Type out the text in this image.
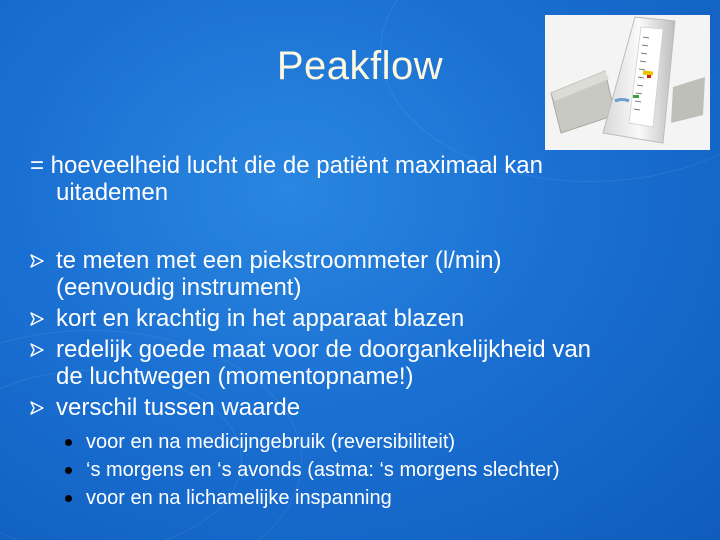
Peakflow
= hoeveelheid lucht die de patiënt maximaal kan
uitademen
te meten met een piekstroommeter (l/min)
(eenvoudig instrument)
kort en krachtig in het apparaat blazen
redelijk goede maat voor de doorgankelijkheid van
de luchtwegen (momentopname!)
verschil tussen waarde
voor en na medicijngebruik (reversibiliteit)
‘s morgens en ‘s avonds (astma: ‘s morgens slechter)
voor en na lichamelijke inspanning
